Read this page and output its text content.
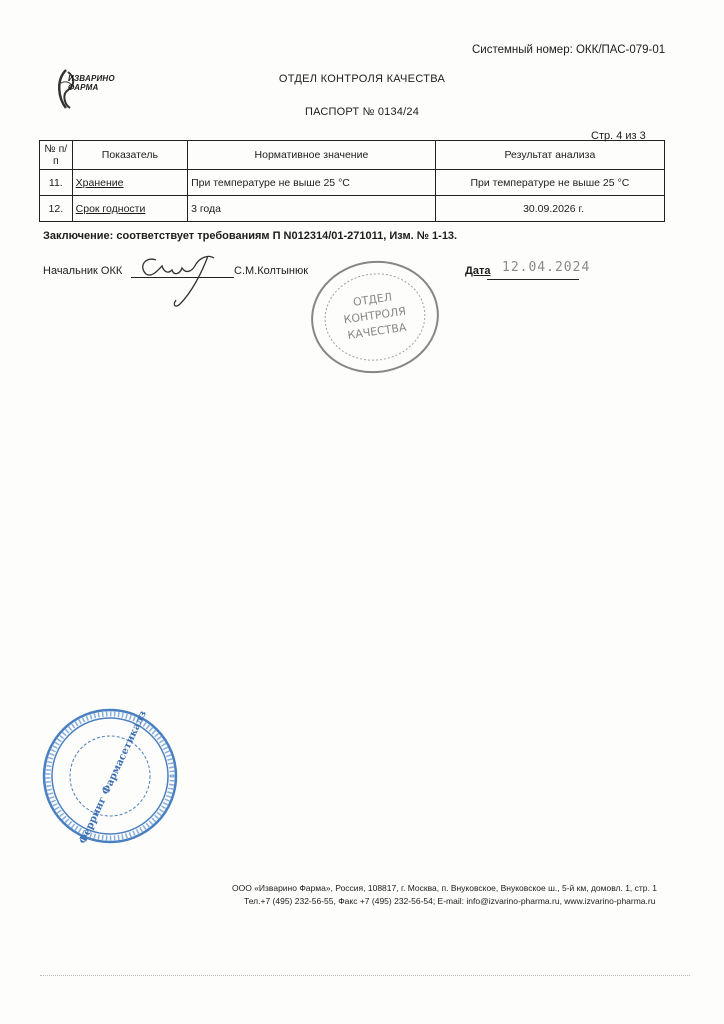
Системный номер: ОКК/ПАС-079-01
ИЗВАРИНО
ФАРМА
ОТДЕЛ КОНТРОЛЯ КАЧЕСТВА
ПАСПОРТ № 0134/24
Стр. 4 из 3
№ п/п	Показатель	Нормативное значение	Результат анализа
11.	Хранение	При температуре не выше 25 °C	При температуре не выше 25 °C
12.	Срок годности	3 года	30.09.2026 г.
Заключение: соответствует требованиям П N012314/01-271011, Изм. № 1-13.
Начальник ОКК	С.М.Колтынюк	Дата 12.04.2024
ОТДЕЛ
КОНТРОЛЯ
КАЧЕСТВА
Ферринг Фармасетикалз
ООО «Изварино Фарма», Россия, 108817, г. Москва, п. Внуковское, Внуковское ш., 5-й км, домовл. 1, стр. 1
Тел.+7 (495) 232-56-55, Факс +7 (495) 232-56-54; E-mail: info@izvarino-pharma.ru, www.izvarino-pharma.ru
